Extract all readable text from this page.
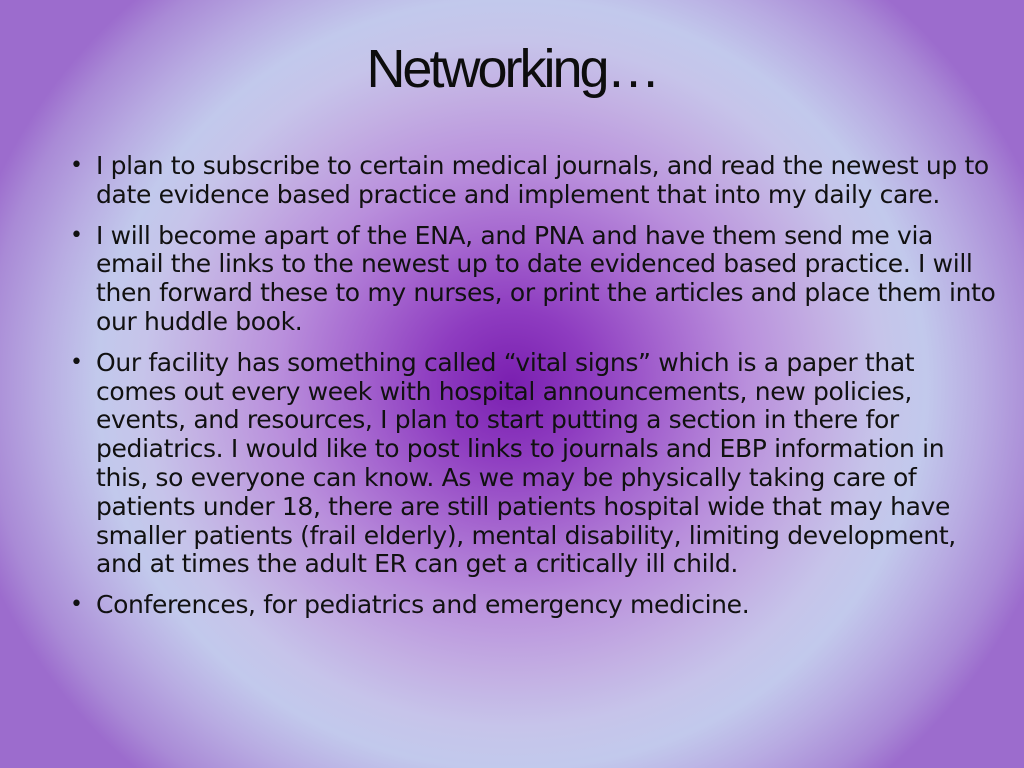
Networking…
• I plan to subscribe to certain medical journals, and read the newest up to date evidence based practice and implement that into my daily care.
• I will become apart of the ENA, and PNA and have them send me via email the links to the newest up to date evidenced based practice. I will then forward these to my nurses, or print the articles and place them into our huddle book.
• Our facility has something called “vital signs” which is a paper that comes out every week with hospital announcements, new policies, events, and resources, I plan to start putting a section in there for pediatrics. I would like to post links to journals and EBP information in this, so everyone can know. As we may be physically taking care of patients under 18, there are still patients hospital wide that may have smaller patients (frail elderly), mental disability, limiting development, and at times the adult ER can get a critically ill child.
• Conferences, for pediatrics and emergency medicine.
